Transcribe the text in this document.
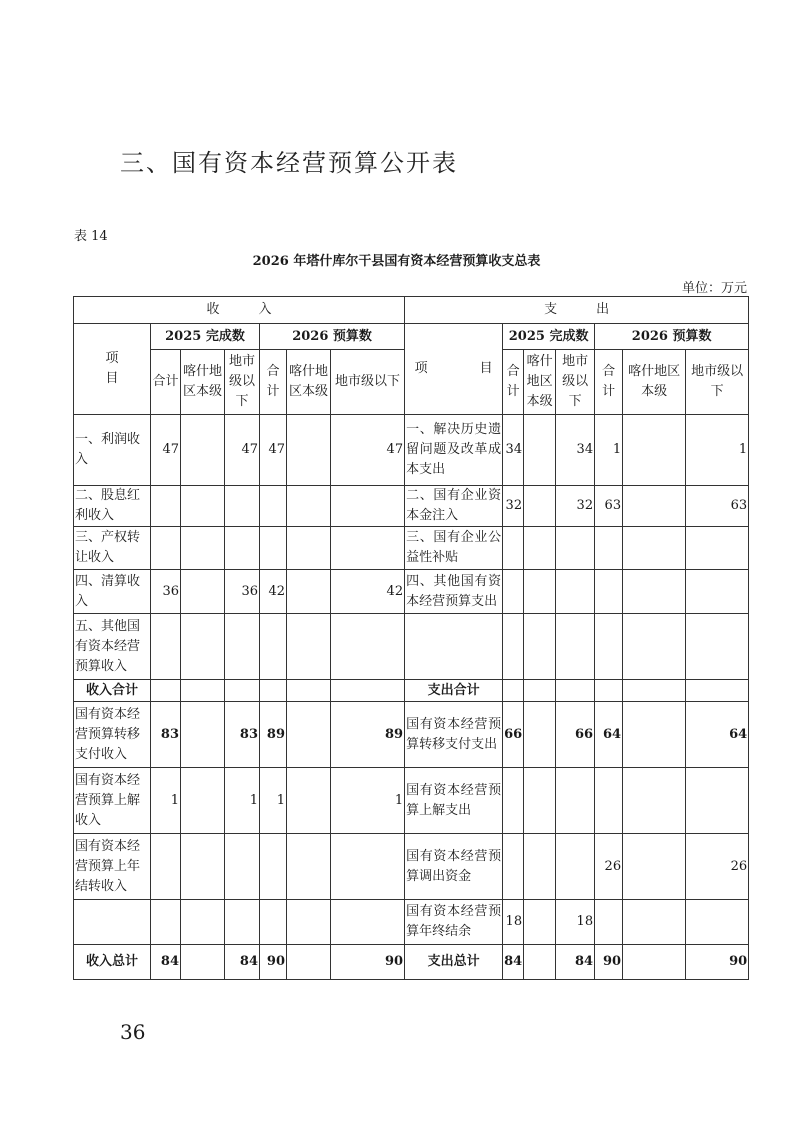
三、国有资本经营预算公开表
表 14
2026 年塔什库尔干县国有资本经营预算收支总表
单位：万元
收　　　入							支　　　出						
项
目	2025 完成数			2026 预算数			项　　　　目	2025 完成数			2026 预算数		
	合计	喀什地区本级	地市级以下	合计	喀什地区本级	地市级以下		合计	喀什地区本级	地市级以下	合计	喀什地区本级	地市级以下
一、利润收入	47		47	47		47	一、解决历史遗留问题及改革成本支出	34		34	1		1
二、股息红利收入							二、国有企业资本金注入	32		32	63		63
三、产权转让收入							三、国有企业公益性补贴						
四、清算收入	36		36	42		42	四、其他国有资本经营预算支出						
五、其他国有资本经营预算收入													
收入合计							支出合计						
国有资本经营预算转移支付收入	83		83	89		89	国有资本经营预算转移支付支出	66		66	64		64
国有资本经营预算上解收入	1		1	1		1	国有资本经营预算上解支出						
国有资本经营预算上年结转收入							国有资本经营预算调出资金				26		26
							国有资本经营预算年终结余	18		18			
收入总计	84		84	90		90	支出总计	84		84	90		90
36
